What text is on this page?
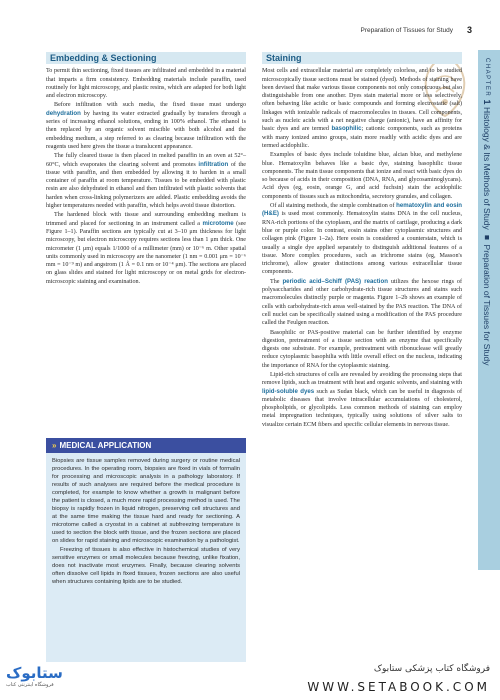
Preparation of Tissues for Study 3
CHAPTER 1 Histology & Its Methods of Study ■ Preparation of Tissues for Study
Embedding & Sectioning

To permit thin sectioning, fixed tissues are infiltrated and embedded in a material that imparts a firm consistency. Embedding materials include paraffin, used routinely for light microscopy, and plastic resins, which are adapted for both light and electron microscopy.

Before infiltration with such media, the fixed tissue must undergo dehydration by having its water extracted gradually by transfers through a series of increasing ethanol solutions, ending in 100% ethanol. The ethanol is then replaced by an organic solvent miscible with both alcohol and the embedding medium, a step referred to as clearing because infiltration with the reagents used here gives the tissue a translucent appearance.

The fully cleared tissue is then placed in melted paraffin in an oven at 52°–60°C, which evaporates the clearing solvent and promotes infiltration of the tissue with paraffin, and then embedded by allowing it to harden in a small container of paraffin at room temperature. Tissues to be embedded with plastic resin are also dehydrated in ethanol and then infiltrated with plastic solvents that harden when cross-linking polymerizers are added. Plastic embedding avoids the higher temperatures needed with paraffin, which helps avoid tissue distortion.

The hardened block with tissue and surrounding embedding medium is trimmed and placed for sectioning in an instrument called a microtome (see Figure 1–1). Paraffin sections are typically cut at 3–10 μm thickness for light microscopy, but electron microscopy requires sections less than 1 μm thick. One micrometer (1 μm) equals 1/1000 of a millimeter (mm) or 10⁻⁶ m. Other spatial units commonly used in microscopy are the nanometer (1 nm = 0.001 μm = 10⁻⁶ mm = 10⁻⁹ m) and angstrom (1 Å = 0.1 nm or 10⁻⁴ μm). The sections are placed on glass slides and stained for light microscopy or on metal grids for electron-microscopic staining and examination.

» MEDICAL APPLICATION

Biopsies are tissue samples removed during surgery or routine medical procedures. In the operating room, biopsies are fixed in vials of formalin for processing and microscopic analysis in a pathology laboratory. If results of such analyses are required before the medical procedure is completed, for example to know whether a growth is malignant before the patient is closed, a much more rapid processing method is used. The biopsy is rapidly frozen in liquid nitrogen, preserving cell structures and at the same time making the tissue hard and ready for sectioning. A microtome called a cryostat in a cabinet at subfreezing temperature is used to section the block with tissue, and the frozen sections are placed on slides for rapid staining and microscopic examination by a pathologist.

Freezing of tissues is also effective in histochemical studies of very sensitive enzymes or small molecules because freezing, unlike fixation, does not inactivate most enzymes. Finally, because clearing solvents often dissolve cell lipids in fixed tissues, frozen sections are also useful when structures containing lipids are to be studied.

Staining

Most cells and extracellular material are completely colorless, and to be studied microscopically tissue sections must be stained (dyed). Methods of staining have been devised that make various tissue components not only conspicuous but also distinguishable from one another. Dyes stain material more or less selectively, often behaving like acidic or basic compounds and forming electrostatic (salt) linkages with ionizable radicals of macromolecules in tissues. Cell components, such as nucleic acids with a net negative charge (anionic), have an affinity for basic dyes and are termed basophilic; cationic components, such as proteins with many ionized amino groups, stain more readily with acidic dyes and are termed acidophilic.

Examples of basic dyes include toluidine blue, alcian blue, and methylene blue. Hematoxylin behaves like a basic dye, staining basophilic tissue components. The main tissue components that ionize and react with basic dyes do so because of acids in their composition (DNA, RNA, and glycosaminoglycans). Acid dyes (eg, eosin, orange G, and acid fuchsin) stain the acidophilic components of tissues such as mitochondria, secretory granules, and collagen.

Of all staining methods, the simple combination of hematoxylin and eosin (H&E) is used most commonly. Hematoxylin stains DNA in the cell nucleus, RNA-rich portions of the cytoplasm, and the matrix of cartilage, producing a dark blue or purple color. In contrast, eosin stains other cytoplasmic structures and collagen pink (Figure 1–2a). Here eosin is considered a counterstain, which is usually a single dye applied separately to distinguish additional features of a tissue. More complex procedures, such as trichrome stains (eg, Masson's trichrome), allow greater distinctions among various extracellular tissue components.

The periodic acid–Schiff (PAS) reaction utilizes the hexose rings of polysaccharides and other carbohydrate-rich tissue structures and stains such macromolecules distinctly purple or magenta. Figure 1–2b shows an example of cells with carbohydrate-rich areas well-stained by the PAS reaction. The DNA of cell nuclei can be specifically stained using a modification of the PAS procedure called the Feulgen reaction.

Basophilic or PAS-positive material can be further identified by enzyme digestion, pretreatment of a tissue section with an enzyme that specifically digests one substrate. For example, pretreatment with ribonuclease will greatly reduce cytoplasmic basophilia with little overall effect on the nucleus, indicating the importance of RNA for the cytoplasmic staining.

Lipid-rich structures of cells are revealed by avoiding the processing steps that remove lipids, such as treatment with heat and organic solvents, and staining with lipid-soluble dyes such as Sudan black, which can be useful in diagnosis of metabolic diseases that involve intracellular accumulations of cholesterol, phospholipids, or glycolipids. Less common methods of staining can employ metal impregnation techniques, typically using solutions of silver salts to visualize certain ECM fibers and specific cellular elements in nervous tissue.

ستابوک
فروشگاه اینترنتی کتاب
فروشگاه کتاب پزشکی ستابوک
WWW.SETABOOK.COM
